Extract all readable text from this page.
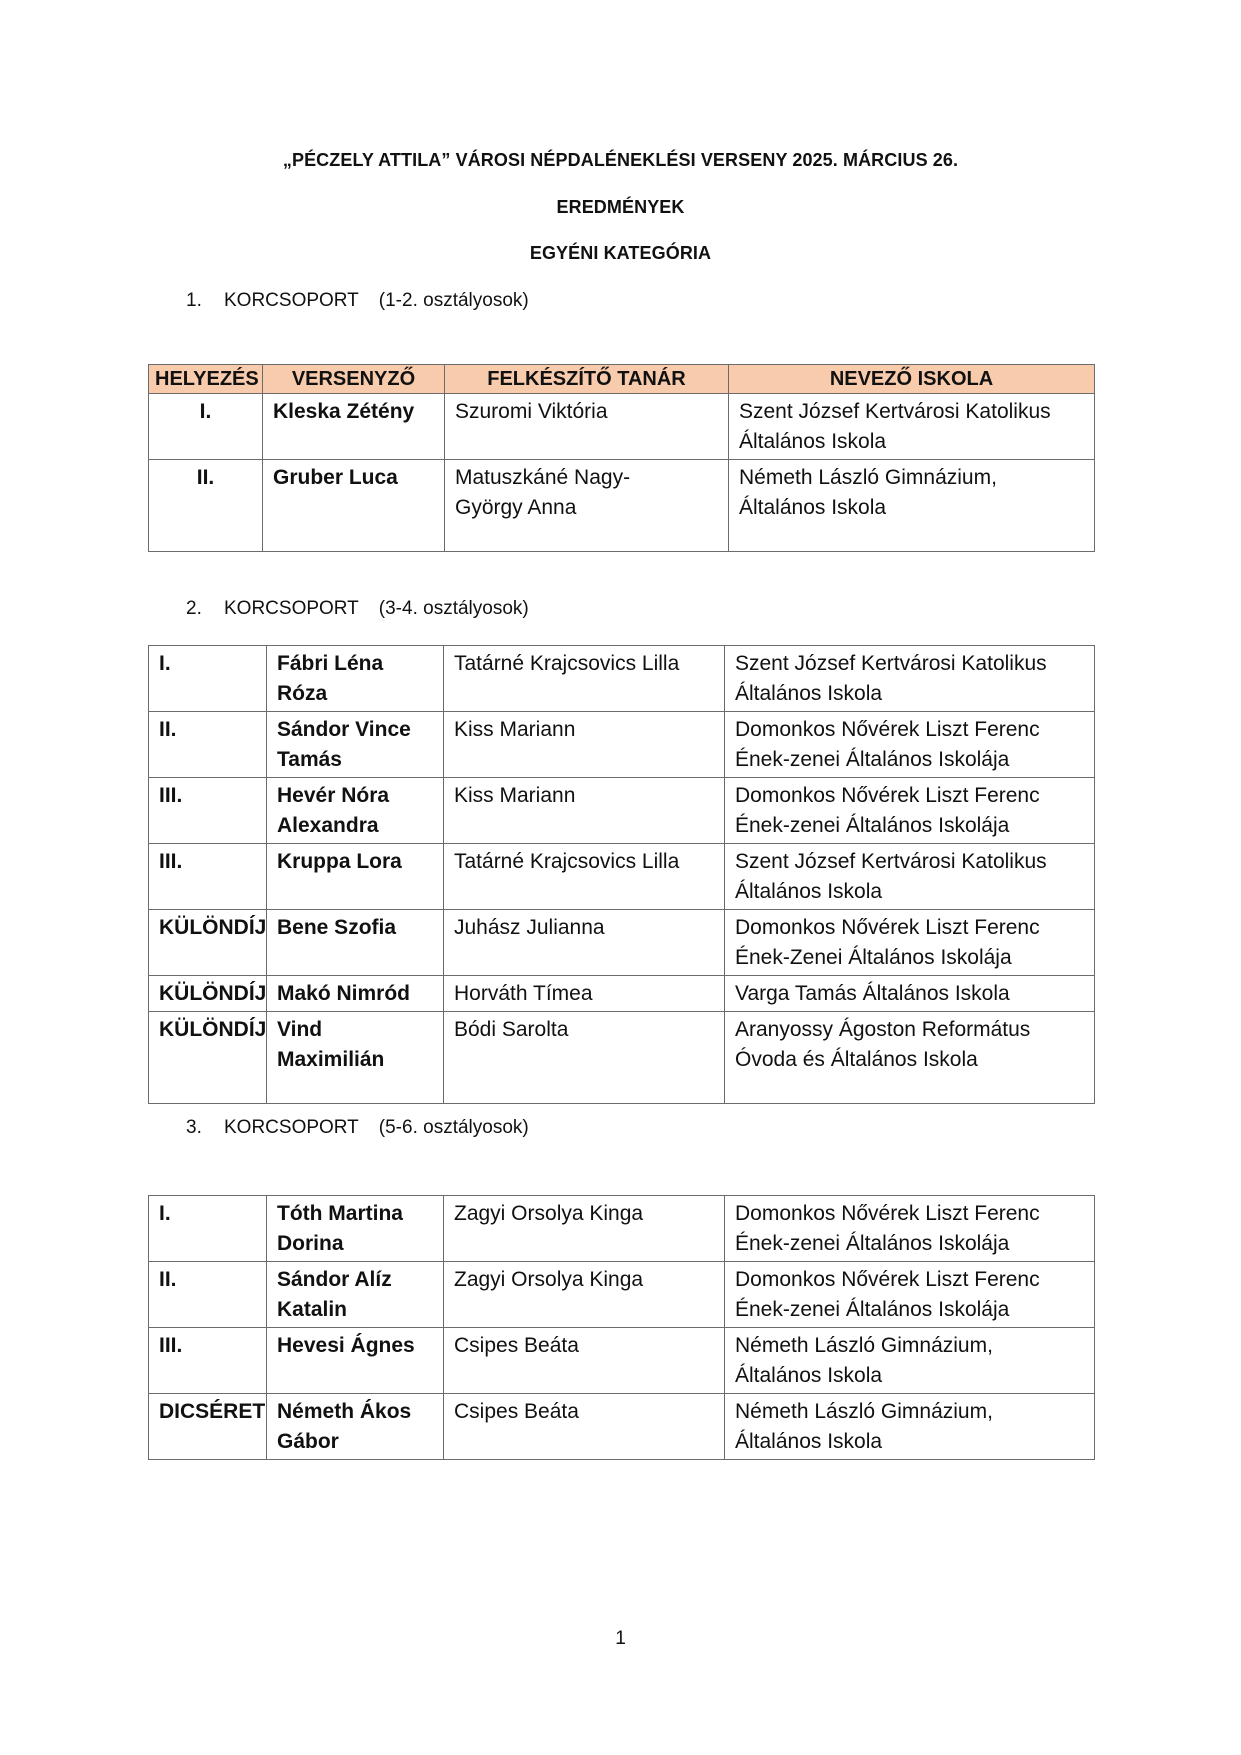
„PÉCZELY ATTILA” VÁROSI NÉPDALÉNEKLÉSI VERSENY 2025. MÁRCIUS 26.
EREDMÉNYEK
EGYÉNI KATEGÓRIA
1. KORCSOPORT (1-2. osztályosok)
HELYEZÉS	VERSENYZŐ	FELKÉSZÍTŐ TANÁR	NEVEZŐ ISKOLA
I.	Kleska Zétény	Szuromi Viktória	Szent József Kertvárosi Katolikus Általános Iskola
II.	Gruber Luca	Matuszkáné Nagy-György Anna	Németh László Gimnázium, Általános Iskola
2. KORCSOPORT (3-4. osztályosok)
I.	Fábri Léna Róza	Tatárné Krajcsovics Lilla	Szent József Kertvárosi Katolikus Általános Iskola
II.	Sándor Vince Tamás	Kiss Mariann	Domonkos Nővérek Liszt Ferenc Ének-zenei Általános Iskolája
III.	Hevér Nóra Alexandra	Kiss Mariann	Domonkos Nővérek Liszt Ferenc Ének-zenei Általános Iskolája
III.	Kruppa Lora	Tatárné Krajcsovics Lilla	Szent József Kertvárosi Katolikus Általános Iskola
KÜLÖNDÍJ	Bene Szofia	Juhász Julianna	Domonkos Nővérek Liszt Ferenc Ének-Zenei Általános Iskolája
KÜLÖNDÍJ	Makó Nimród	Horváth Tímea	Varga Tamás Általános Iskola
KÜLÖNDÍJ	Vind Maximilián	Bódi Sarolta	Aranyossy Ágoston Református Óvoda és Általános Iskola
3. KORCSOPORT (5-6. osztályosok)
I.	Tóth Martina Dorina	Zagyi Orsolya Kinga	Domonkos Nővérek Liszt Ferenc Ének-zenei Általános Iskolája
II.	Sándor Alíz Katalin	Zagyi Orsolya Kinga	Domonkos Nővérek Liszt Ferenc Ének-zenei Általános Iskolája
III.	Hevesi Ágnes	Csipes Beáta	Németh László Gimnázium, Általános Iskola
DICSÉRET	Németh Ákos Gábor	Csipes Beáta	Németh László Gimnázium, Általános Iskola
1
